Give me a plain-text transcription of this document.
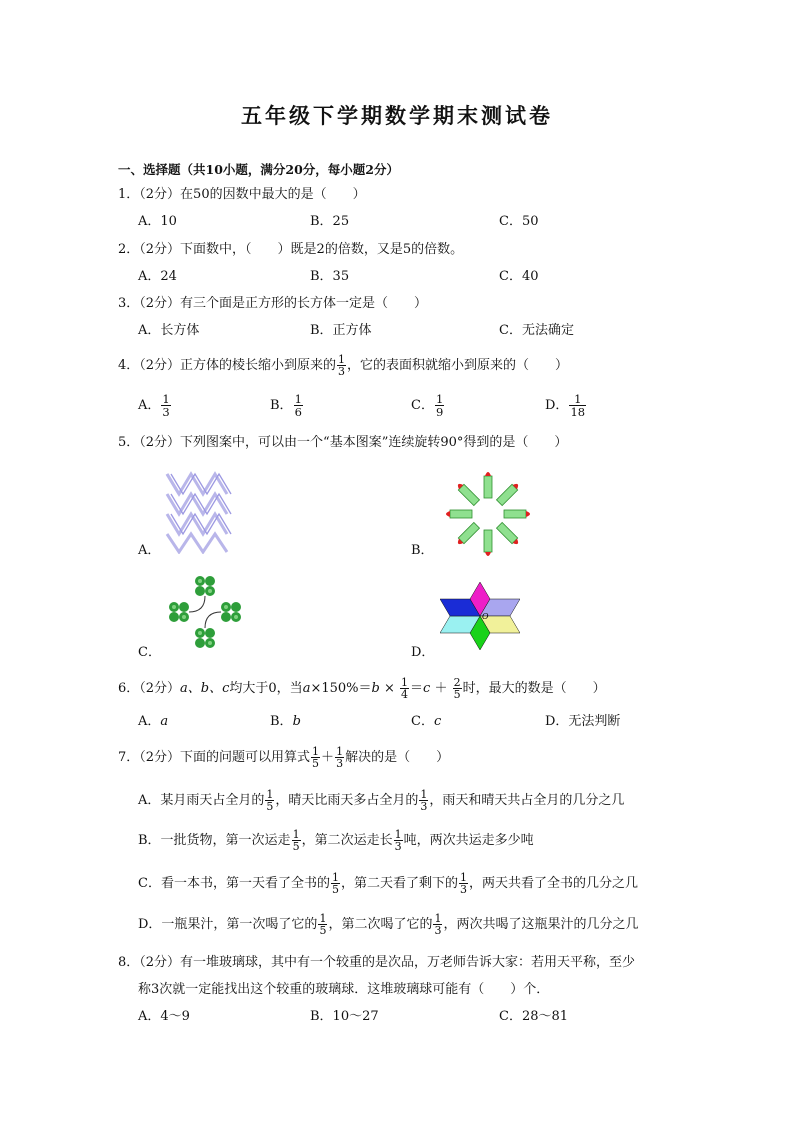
五年级下学期数学期末测试卷
一、选择题（共10小题，满分20分，每小题2分）
1．（2分）在50的因数中最大的是（　　）
A．10	B．25	C．50
2．（2分）下面数中，（　　）既是2的倍数，又是5的倍数。
A．24	B．35	C．40
3．（2分）有三个面是正方形的长方体一定是（　　）
A．长方体	B．正方体	C．无法确定
4．（2分）正方体的棱长缩小到原来的 $\frac{1}{3}$ ，它的表面积就缩小到原来的（　　）
A． $\frac{1}{3}$	B． $\frac{1}{6}$	C． $\frac{1}{9}$	D． $\frac{1}{18}$
5．（2分）下列图案中，可以由一个“基本图案”连续旋转90°得到的是（　　）
A．	B．
C．
O
D．
6．（2分）a、b、c均大于0，当$a\times 150\%=b \times \frac{1}{4} =c + \frac{2}{5}$ 时，最大的数是（　　）
A．a	B．b	C．c	D．无法判断
7．（2分）下面的问题可以用算式 $\frac{1}{5} + \frac{1}{3}$ 解决的是（　　）
A．某月雨天占全月的 $\frac{1}{5}$ ，晴天比雨天多占全月的 $\frac{1}{3}$ ，雨天和晴天共占全月的几分之几
B．一批货物，第一次运走 $\frac{1}{5}$ ，第二次运走长 $\frac{1}{3}$ 吨，两次共运走多少吨
C．看一本书，第一天看了全书的 $\frac{1}{5}$ ，第二天看了剩下的 $\frac{1}{3}$ ，两天共看了全书的几分之几
D．一瓶果汁，第一次喝了它的 $\frac{1}{5}$ ，第二次喝了它的 $\frac{1}{3}$ ，两次共喝了这瓶果汁的几分之几
8．（2分）有一堆玻璃球，其中有一个较重的是次品，万老师告诉大家：若用天平称，至少
称3次就一定能找出这个较重的玻璃球．这堆玻璃球可能有（　　）个．
A．4～9	B．10～27	C．28～81
